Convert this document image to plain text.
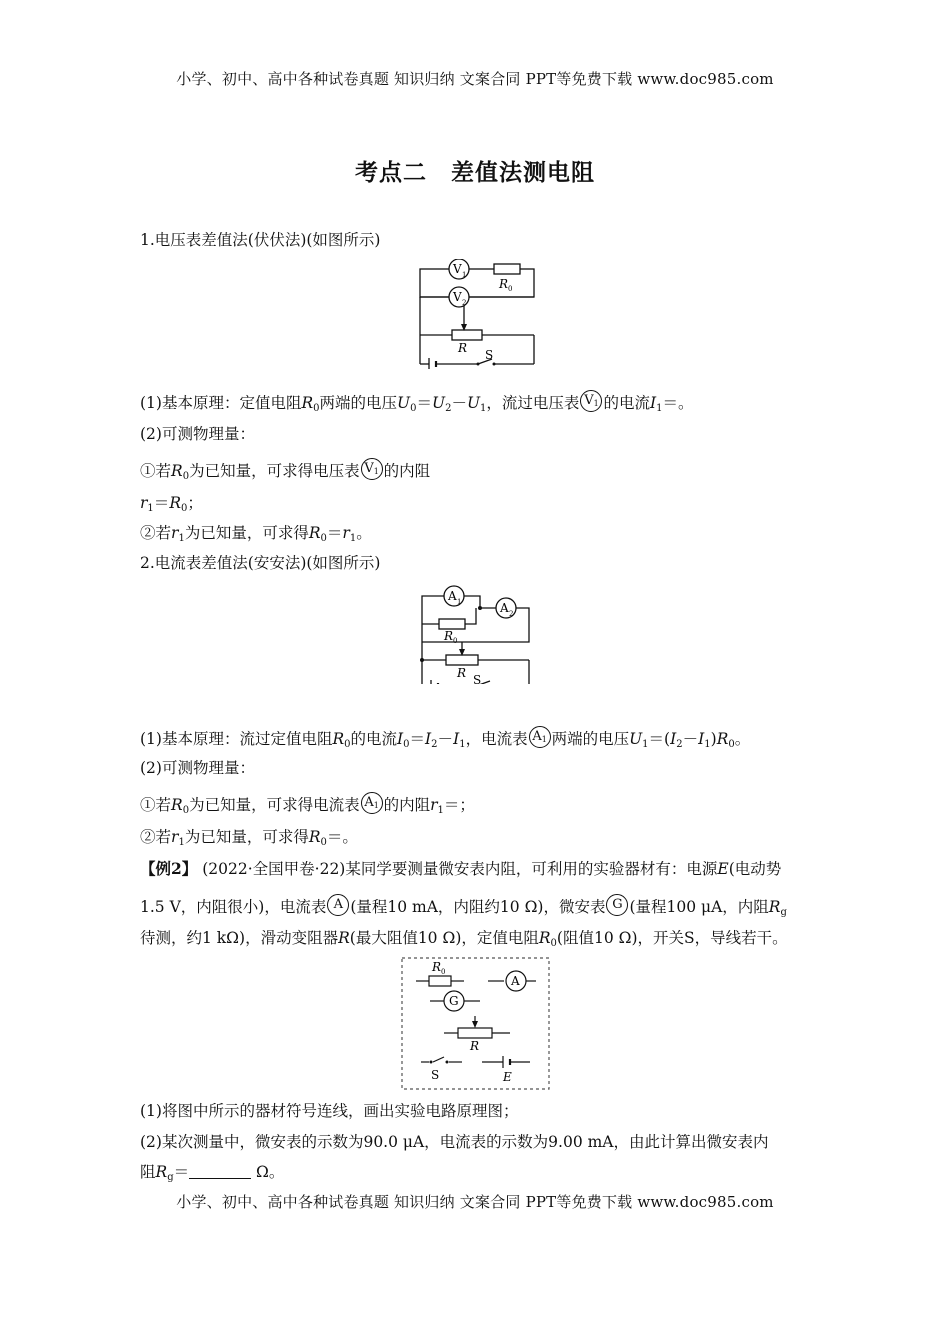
小学、初中、高中各种试卷真题 知识归纳 文案合同 PPT等免费下载 www.doc985.com
考点二　差值法测电阻
1.电压表差值法(伏伏法)(如图所示)
V 1
V 2
R 0
R S
(1)基本原理：定值电阻$R_0$两端的电压$U_0=U_2-U_1$，流过电压表 $V_1$ 的电流$I_1=$。
(2)可测物理量：
①若$R_0$为已知量，可求得电压表 $V_1$ 的内阻
$r_1=R_0$；
②若$r_1$为已知量，可求得$R_0=r_1$。
2.电流表差值法(安安法)(如图所示)
A 1	A 2
R 0
R S
(1)基本原理：流过定值电阻$R_0$的电流$I_0=I_2-I_1$，电流表 $A_1$ 两端的电压$U_1=(I_2-I_1)R_0$。
(2)可测物理量：
①若$R_0$为已知量，可求得电流表 $A_1$ 的内阻$r_1=$；
②若$r_1$为已知量，可求得$R_0=$。
【例2】 (2022·全国甲卷·22)某同学要测量微安表内阻，可利用的实验器材有：电源E(电动势
1.5 V，内阻很小)，电流表 A (量程10 mA，内阻约10 Ω)，微安表 G (量程100 μA，内阻$R_g$
待测，约1 kΩ)，滑动变阻器R(最大阻值10 Ω)，定值电阻$R_0$(阻值10 Ω)，开关S，导线若干。
R 0
A
G
R
S	E
(1)将图中所示的器材符号连线，画出实验电路原理图；
(2)某次测量中，微安表的示数为90.0 μA，电流表的示数为9.00 mA，由此计算出微安表内
阻$R_g=$	Ω。
小学、初中、高中各种试卷真题 知识归纳 文案合同 PPT等免费下载 www.doc985.com
